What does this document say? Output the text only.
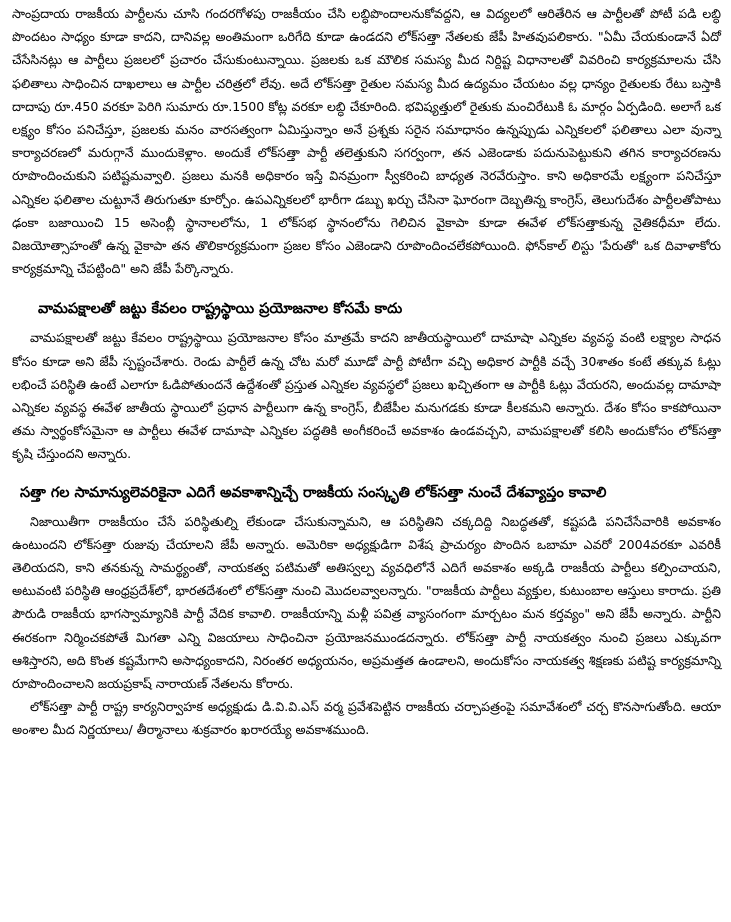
సాంప్రదాయ రాజకీయ పార్టీలను చూసి గందరగోళపు రాజకీయం చేసి లబ్ధిపొందాలనుకోవద్దని, ఆ విద్యలలో ఆరితేరిన ఆ పార్టీలతో పోటీ పడి లబ్ధి పొందటం సాధ్యం కూడా కాదని, దానివల్ల అంతిమంగా ఒరిగేది కూడా ఉండదని లోక్‌సత్తా నేతలకు జేపీ హితవుపలికారు. "ఏమీ చేయకుండానే ఏదో చేసేసినట్లు ఆ పార్టీలు ప్రజలలో ప్రచారం చేసుకుంటున్నాయి. ప్రజలకు ఒక మౌలిక సమస్య మీద నిర్దిష్ట విధానాలతో వివరించి కార్యక్రమాలను చేసి ఫలితాలు సాధించిన దాఖలాలు ఆ పార్టీల చరిత్రలో లేవు. అదే లోక్‌సత్తా రైతుల సమస్య మీద ఉద్యమం చేయటం వల్ల ధాన్యం రైతులకు రేటు బస్తాకి దాదాపు రూ.450 వరకూ పెరిగి సుమారు రూ.1500 కోట్ల వరకూ లబ్ధి చేకూరింది. భవిష్యత్తులో రైతుకు మంచిరేటుకి ఓ మార్గం ఏర్పడింది. అలాగే ఒక లక్ష్యం కోసం పనిచేస్తూ, ప్రజలకు మనం వారసత్వంగా ఏమిస్తున్నాం అనే ప్రశ్నకు సరైన సమాధానం ఉన్నప్పుడు ఎన్నికలలో ఫలితాలు ఎలా వున్నా కార్యాచరణలో మరుగ్గానే ముందుకెళ్లాం. అందుకే లోక్‌సత్తా పార్టీ తలెత్తుకుని సగర్వంగా, తన ఎజెండాకు పదునుపెట్టుకుని తగిన కార్యాచరణను రూపొందించుకుని పటిష్టమవ్వాలి. ప్రజలు మనకి అధికారం ఇస్తే వినమ్రంగా స్వీకరించి బాధ్యత నెరవేరుస్తాం. కాని అధికారమే లక్ష్యంగా పనిచేస్తూ ఎన్నికల ఫలితాల చుట్టూనే తిరుగుతూ కూర్చోం. ఉపఎన్నికలలో భారీగా డబ్బు ఖర్చు చేసినా ఘోరంగా దెబ్బతిన్న కాంగ్రెస్, తెలుగుదేశం పార్టీలతోపాటు ఢంకా బజాయించి 15 అసెంబ్లీ స్థానాలలోను, 1 లోక్‌సభ స్థానంలోను గెలిచిన వైకాపా కూడా ఈవేళ లోక్‌సత్తాకున్న నైతికధీమా లేదు. విజయోత్సాహంతో ఉన్న వైకాపా తన తొలికార్యక్రమంగా ప్రజల కోసం ఎజెండాని రూపొందించలేకపోయింది. ఫోన్‌కాల్ లిస్టు 'పేరుతో' ఒక దివాళాకోరు కార్యక్రమాన్ని చేపట్టింది" అని జేపీ పేర్కొన్నారు.

వామపక్షాలతో జట్టు కేవలం రాష్ట్రస్థాయి ప్రయోజనాల కోసమే కాదు

వామపక్షాలతో జట్టు కేవలం రాష్ట్రస్థాయి ప్రయోజనాల కోసం మాత్రమే కాదని జాతీయస్థాయిలో దామాషా ఎన్నికల వ్యవస్థ వంటి లక్ష్యాల సాధన కోసం కూడా అని జేపీ స్పష్టంచేశారు. రెండు పార్టీలే ఉన్న చోట మరో మూడో పార్టీ పోటీగా వచ్చి అధికార పార్టీకి వచ్చే 30శాతం కంటే తక్కువ ఓట్లు లభించే పరిస్థితి ఉంటే ఎలాగూ ఓడిపోతుందనే ఉద్దేశంతో ప్రస్తుత ఎన్నికల వ్యవస్థలో ప్రజలు ఖచ్చితంగా ఆ పార్టీకి ఓట్లు వేయరని, అందువల్ల దామాషా ఎన్నికల వ్యవస్థ ఈవేళ జాతీయ స్థాయిలో ప్రధాన పార్టీలుగా ఉన్న కాంగ్రెస్, బీజేపీల మనుగడకు కూడా కీలకమని అన్నారు. దేశం కోసం కాకపోయినా తమ స్వార్థంకోసమైనా ఆ పార్టీలు ఈవేళ దామాషా ఎన్నికల పద్ధతికి అంగీకరించే అవకాశం ఉండవచ్చని, వామపక్షాలతో కలిసి అందుకోసం లోక్‌సత్తా కృషి చేస్తుందని అన్నారు.

సత్తా గల సామాన్యులెవరికైనా ఎదిగే అవకాశాన్నిచ్చే రాజకీయ సంస్కృతి లోక్‌సత్తా నుంచే దేశవ్యాప్తం కావాలి

నిజాయితీగా రాజకీయం చేసే పరిస్థితుల్ని లేకుండా చేసుకున్నామని, ఆ పరిస్థితిని చక్కదిద్ది నిబద్ధతతో, కష్టపడి పనిచేసేవారికి అవకాశం ఉంటుందని లోక్‌సత్తా రుజువు చేయాలని జేపీ అన్నారు. అమెరికా అధ్యక్షుడిగా విశేష ప్రాచుర్యం పొందిన ఒబామా ఎవరో 2004వరకూ ఎవరికీ తెలియదని, కాని తనకున్న సామర్థ్యంతో, నాయకత్వ పటిమతో అతిస్వల్ప వ్యవధిలోనే ఎదిగే అవకాశం అక్కడి రాజకీయ పార్టీలు కల్పించాయని, అటువంటి పరిస్థితి ఆంధ్రప్రదేశ్‌లో, భారతదేశంలో లోక్‌సత్తా నుంచి మొదలవ్వాలన్నారు. "రాజకీయ పార్టీలు వ్యక్తుల, కుటుంబాల ఆస్తులు కారాదు. ప్రతి పౌరుడి రాజకీయ భాగస్వామ్యానికి పార్టీ వేదిక కావాలి. రాజకీయాన్ని మళ్లీ పవిత్ర వ్యాసంగంగా మార్చటం మన కర్తవ్యం" అని జేపీ అన్నారు. పార్టీని ఈరకంగా నిర్మించకపోతే మిగతా ఎన్ని విజయాలు సాధించినా ప్రయోజనముండదన్నారు. లోక్‌సత్తా పార్టీ నాయకత్వం నుంచి ప్రజలు ఎక్కువగా ఆశిస్తారని, అది కొంత కష్టమేగాని అసాధ్యంకాదని, నిరంతర అధ్యయనం, అప్రమత్తత ఉండాలని, అందుకోసం నాయకత్వ శిక్షణకు పటిష్ట కార్యక్రమాన్ని రూపొందించాలని జయప్రకాష్ నారాయణ్ నేతలను కోరారు.

లోక్‌సత్తా పార్టీ రాష్ట్ర కార్యనిర్వాహక అధ్యక్షుడు డి.వి.వి.ఎస్ వర్మ ప్రవేశపెట్టిన రాజకీయ చర్చాపత్రంపై సమావేశంలో చర్చ కొనసాగుతోంది. ఆయా అంశాల మీద నిర్ణయాలు/ తీర్మానాలు శుక్రవారం ఖరారయ్యే అవకాశముంది.
